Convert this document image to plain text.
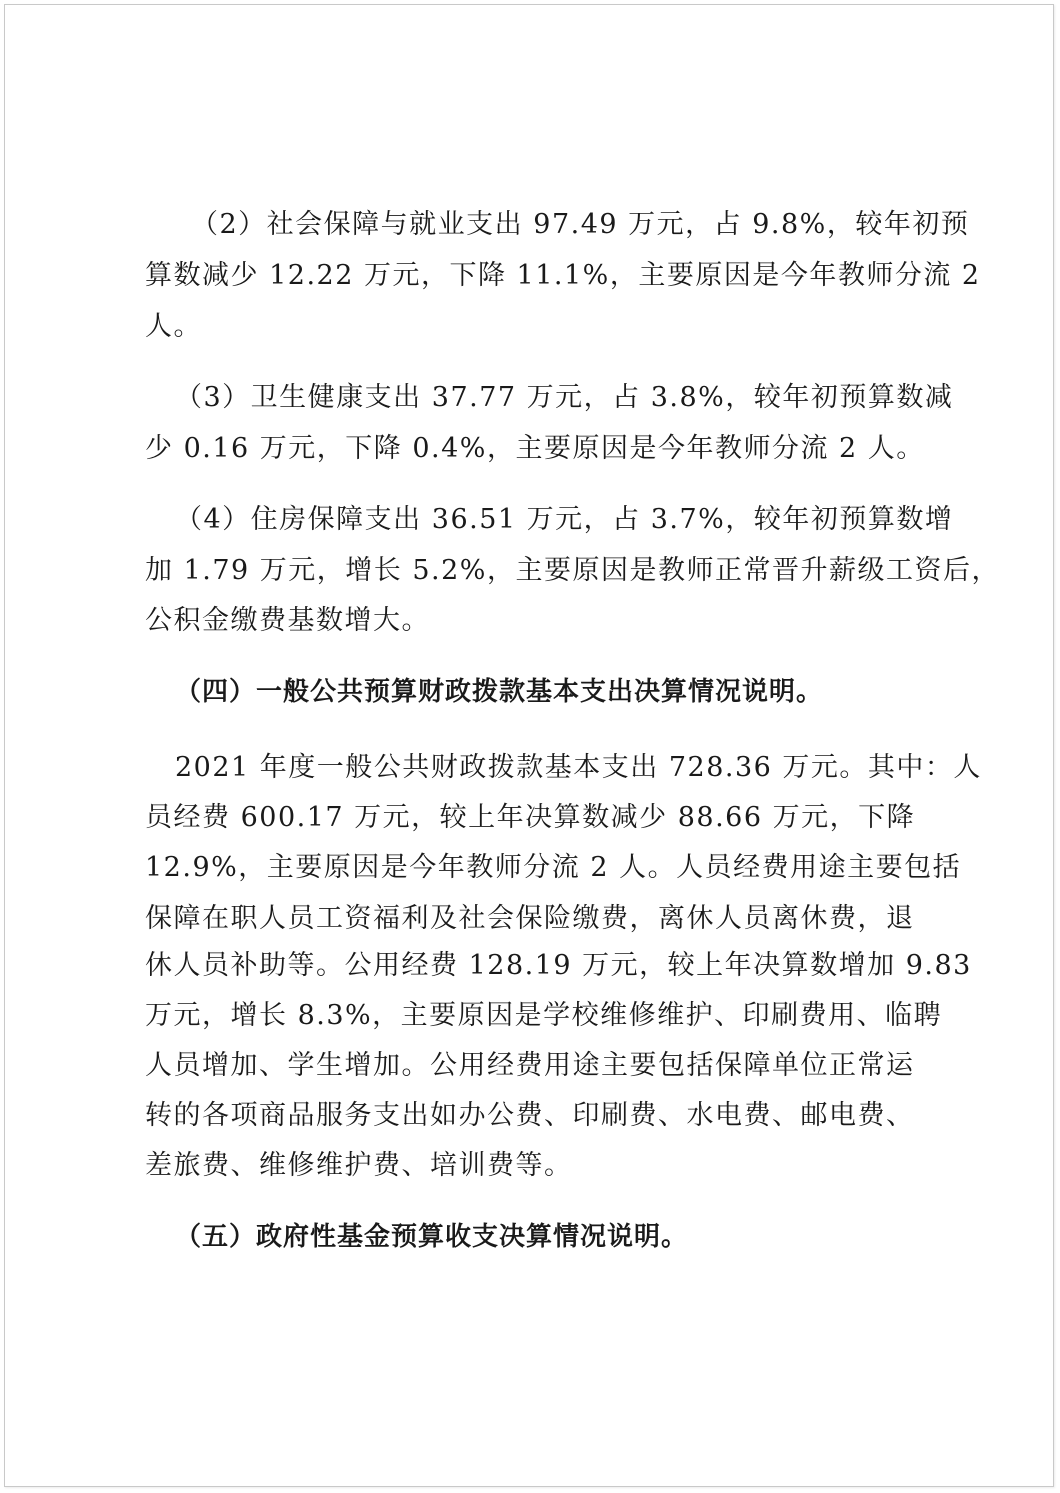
（2）社会保障与就业支出 97.49 万元，占 9.8%，较年初预
算数减少 12.22 万元，下降 11.1%，主要原因是今年教师分流 2
人。
（3）卫生健康支出 37.77 万元，占 3.8%，较年初预算数减
少 0.16 万元，下降 0.4%，主要原因是今年教师分流 2 人。
（4）住房保障支出 36.51 万元，占 3.7%，较年初预算数增
加 1.79 万元，增长 5.2%，主要原因是教师正常晋升薪级工资后，
公积金缴费基数增大。
（四）一般公共预算财政拨款基本支出决算情况说明。
2021 年度一般公共财政拨款基本支出 728.36 万元。其中：人
员经费 600.17 万元，较上年决算数减少 88.66 万元，下降
12.9%，主要原因是今年教师分流 2 人。人员经费用途主要包括
保障在职人员工资福利及社会保险缴费，离休人员离休费，退
休人员补助等。公用经费 128.19 万元，较上年决算数增加 9.83
万元，增长 8.3%，主要原因是学校维修维护、印刷费用、临聘
人员增加、学生增加。公用经费用途主要包括保障单位正常运
转的各项商品服务支出如办公费、印刷费、水电费、邮电费、
差旅费、维修维护费、培训费等。
（五）政府性基金预算收支决算情况说明。
